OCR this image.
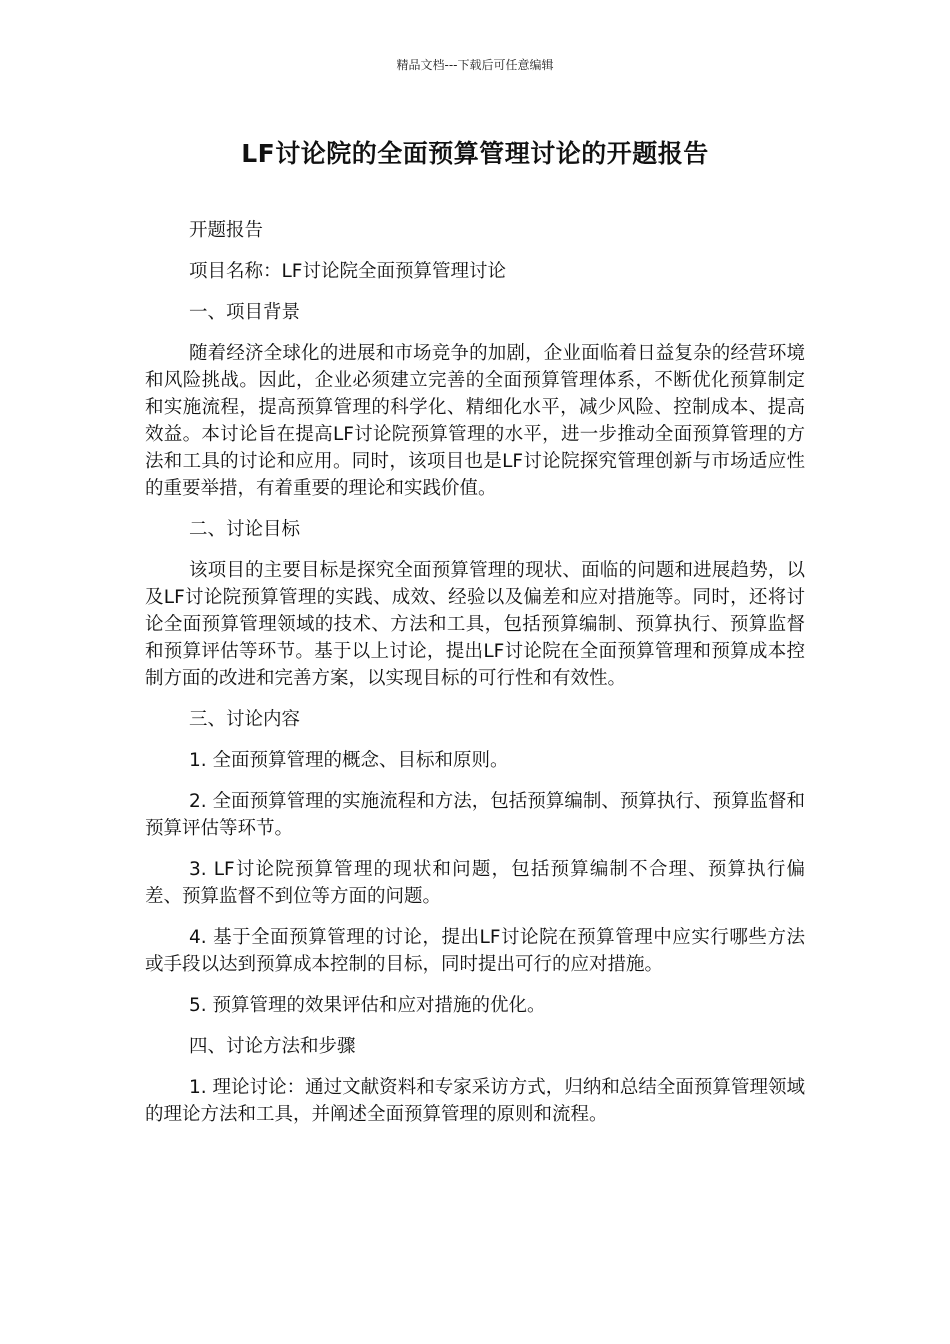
精品文档---下载后可任意编辑
LF讨论院的全面预算管理讨论的开题报告

开题报告

项目名称：LF讨论院全面预算管理讨论

一、项目背景

随着经济全球化的进展和市场竞争的加剧，企业面临着日益复杂的经营环境和风险挑战。因此，企业必须建立完善的全面预算管理体系，不断优化预算制定和实施流程，提高预算管理的科学化、精细化水平，减少风险、控制成本、提高效益。本讨论旨在提高LF讨论院预算管理的水平，进一步推动全面预算管理的方法和工具的讨论和应用。同时，该项目也是LF讨论院探究管理创新与市场适应性的重要举措，有着重要的理论和实践价值。

二、讨论目标

该项目的主要目标是探究全面预算管理的现状、面临的问题和进展趋势，以及LF讨论院预算管理的实践、成效、经验以及偏差和应对措施等。同时，还将讨论全面预算管理领域的技术、方法和工具，包括预算编制、预算执行、预算监督和预算评估等环节。基于以上讨论，提出LF讨论院在全面预算管理和预算成本控制方面的改进和完善方案，以实现目标的可行性和有效性。

三、讨论内容

1. 全面预算管理的概念、目标和原则。

2. 全面预算管理的实施流程和方法，包括预算编制、预算执行、预算监督和预算评估等环节。

3. LF讨论院预算管理的现状和问题，包括预算编制不合理、预算执行偏差、预算监督不到位等方面的问题。

4. 基于全面预算管理的讨论，提出LF讨论院在预算管理中应实行哪些方法或手段以达到预算成本控制的目标，同时提出可行的应对措施。

5. 预算管理的效果评估和应对措施的优化。

四、讨论方法和步骤

1. 理论讨论：通过文献资料和专家采访方式，归纳和总结全面预算管理领域的理论方法和工具，并阐述全面预算管理的原则和流程。
